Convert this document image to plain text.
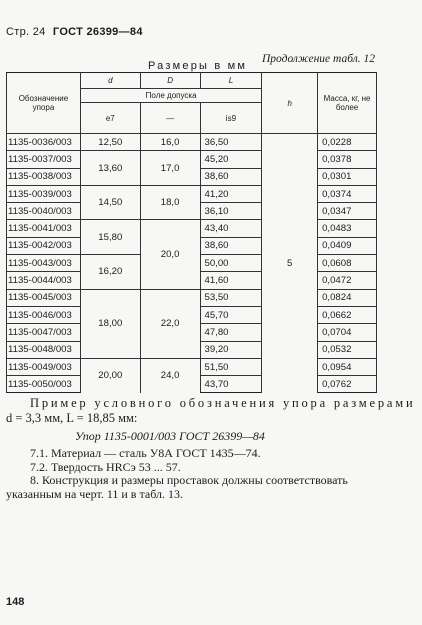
Стр. 24 ГОСТ 26399—84
Продолжение табл. 12
Размеры в мм
Обозначение упора	d	D	L	h	Масса, кг, не более
	Поле допуска				
	е7	—	is9		
1135-0036/003	12,50	16,0	36,50	5	0,0228
1135-0037/003	13,60	17,0	45,20		0,0378
1135-0038/003			38,60		0,0301
1135-0039/003	14,50	18,0	41,20		0,0374
1135-0040/003			36,10		0,0347
1135-0041/003	15,80	20,0	43,40		0,0483
1135-0042/003			38,60		0,0409
1135-0043/003	16,20		50,00		0,0608
1135-0044/003			41,60		0,0472
1135-0045/003	18,00	22,0	53,50		0,0824
1135-0046/003			45,70		0,0662
1135-0047/003			47,80		0,0704
1135-0048/003			39,20		0,0532
1135-0049/003	20,00	24,0	51,50		0,0954
1135-0050/003			43,70		0,0762
Пример условного обозначения упора размерами
d = 3,3 мм, L = 18,85 мм:
Упор 1135-0001/003 ГОСТ 26399—84
7.1. Материал — сталь У8А ГОСТ 1435—74.
7.2. Твердость HRCэ 53 ... 57.
8. Конструкция и размеры проставок должны соответствовать
указанным на черт. 11 и в табл. 13.
148
